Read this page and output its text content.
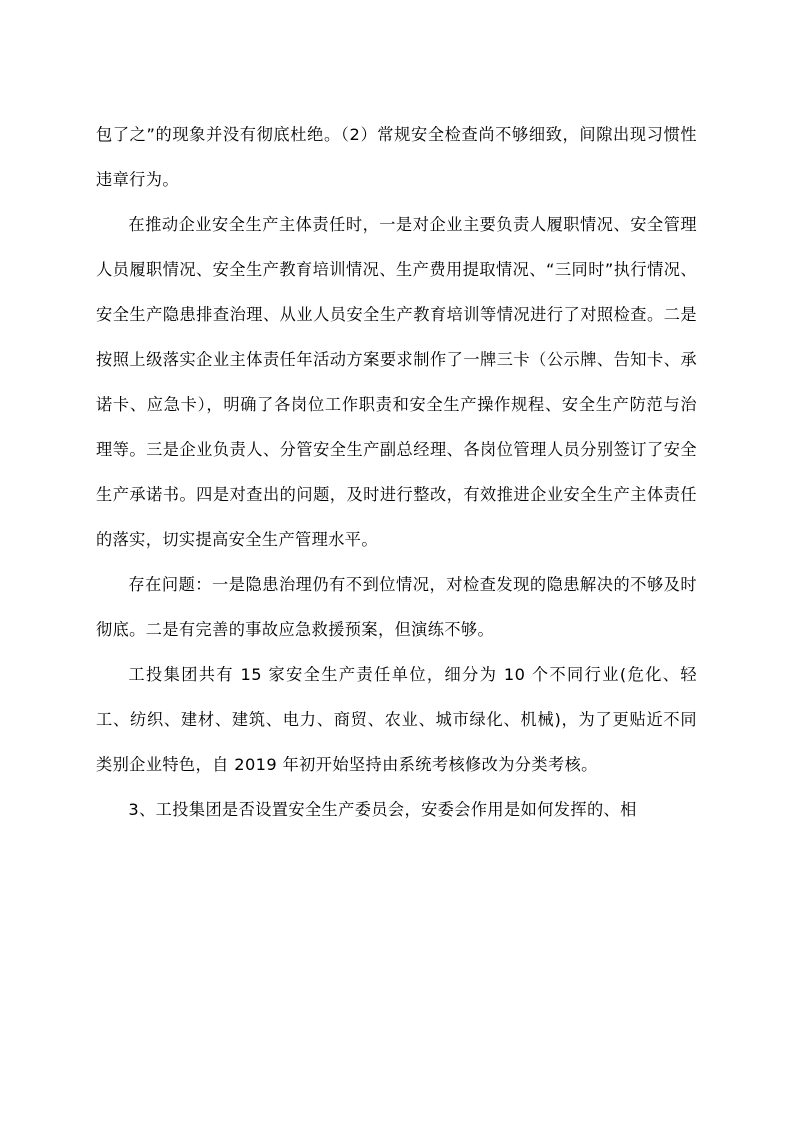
包了之”的现象并没有彻底杜绝。（2）常规安全检查尚不够细致，间隙出现习惯性违章行为。

在推动企业安全生产主体责任时，一是对企业主要负责人履职情况、安全管理人员履职情况、安全生产教育培训情况、生产费用提取情况、“三同时”执行情况、安全生产隐患排查治理、从业人员安全生产教育培训等情况进行了对照检查。二是按照上级落实企业主体责任年活动方案要求制作了一牌三卡（公示牌、告知卡、承诺卡、应急卡），明确了各岗位工作职责和安全生产操作规程、安全生产防范与治理等。三是企业负责人、分管安全生产副总经理、各岗位管理人员分别签订了安全生产承诺书。四是对查出的问题，及时进行整改，有效推进企业安全生产主体责任的落实，切实提高安全生产管理水平。

存在问题：一是隐患治理仍有不到位情况，对检查发现的隐患解决的不够及时彻底。二是有完善的事故应急救援预案，但演练不够。

工投集团共有 15 家安全生产责任单位，细分为 10 个不同行业(危化、轻工、纺织、建材、建筑、电力、商贸、农业、城市绿化、机械)，为了更贴近不同类别企业特色，自 2019 年初开始坚持由系统考核修改为分类考核。

3、工投集团是否设置安全生产委员会，安委会作用是如何发挥的、相
